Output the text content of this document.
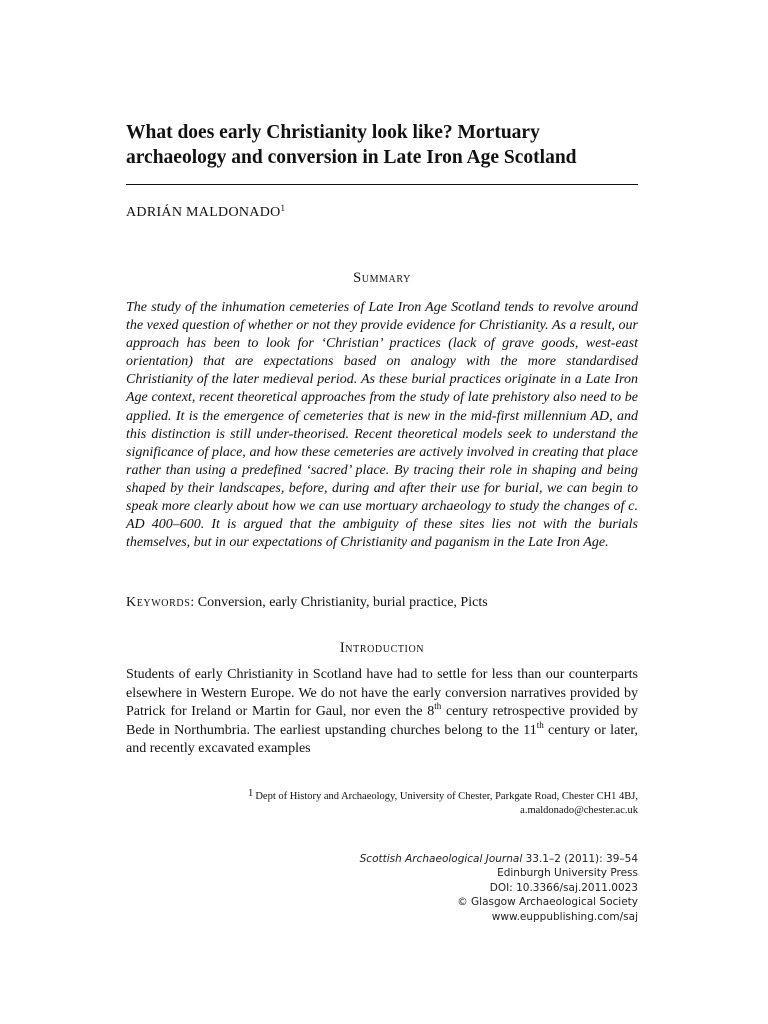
What does early Christianity look like? Mortuary archaeology and conversion in Late Iron Age Scotland
ADRIÁN MALDONADO$^1$
Summary

The study of the inhumation cemeteries of Late Iron Age Scotland tends to revolve around the vexed question of whether or not they provide evidence for Christianity. As a result, our approach has been to look for ‘Christian’ practices (lack of grave goods, west-east orientation) that are expectations based on analogy with the more standardised Christianity of the later medieval period. As these burial practices originate in a Late Iron Age context, recent theoretical approaches from the study of late prehistory also need to be applied. It is the emergence of cemeteries that is new in the mid-first millennium AD, and this distinction is still under-theorised. Recent theoretical models seek to understand the significance of place, and how these cemeteries are actively involved in creating that place rather than using a predefined ‘sacred’ place. By tracing their role in shaping and being shaped by their landscapes, before, during and after their use for burial, we can begin to speak more clearly about how we can use mortuary archaeology to study the changes of c. AD 400–600. It is argued that the ambiguity of these sites lies not with the burials themselves, but in our expectations of Christianity and paganism in the Late Iron Age.

Keywords: Conversion, early Christianity, burial practice, Picts
Introduction

Students of early Christianity in Scotland have had to settle for less than our counterparts elsewhere in Western Europe. We do not have the early conversion narratives provided by Patrick for Ireland or Martin for Gaul, nor even the 8th century retrospective provided by Bede in Northumbria. The earliest upstanding churches belong to the 11th century or later, and recently excavated examples

1 Dept of History and Archaeology, University of Chester, Parkgate Road, Chester CH1 4BJ,
a.maldonado@chester.ac.uk
Scottish Archaeological Journal 33.1–2 (2011): 39–54
Edinburgh University Press
DOI: 10.3366/saj.2011.0023
© Glasgow Archaeological Society
www.euppublishing.com/saj
